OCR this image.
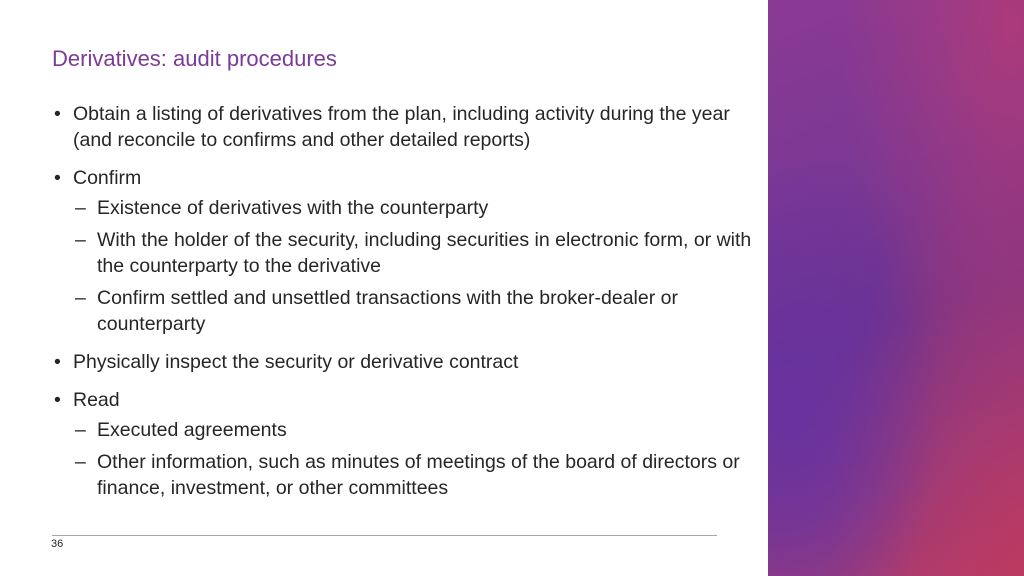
Derivatives: audit procedures
• Obtain a listing of derivatives from the plan, including activity during the year (and reconcile to confirms and other detailed reports)
• Confirm
– Existence of derivatives with the counterparty
– With the holder of the security, including securities in electronic form, or with the counterparty to the derivative
– Confirm settled and unsettled transactions with the broker-dealer or counterparty
• Physically inspect the security or derivative contract
• Read
– Executed agreements
– Other information, such as minutes of meetings of the board of directors or finance, investment, or other committees
36
